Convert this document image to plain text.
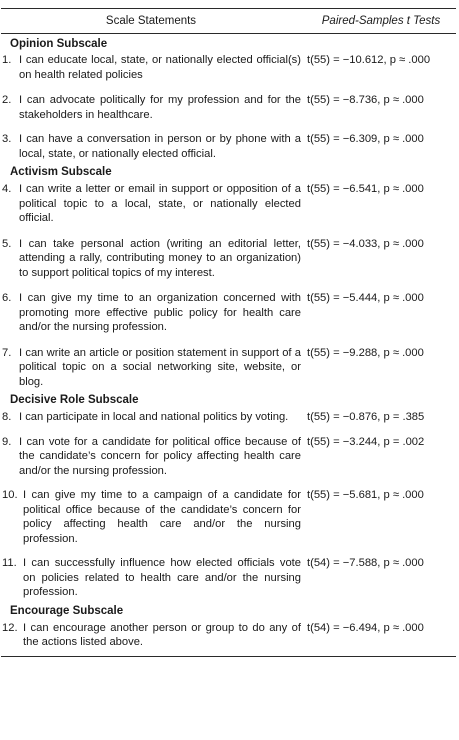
Scale Statements	Paired-Samples t Tests
Opinion Subscale
1. I can educate local, state, or nationally elected official(s) on health related policies
t(55) = −10.612, p ≈ .000
2. I can advocate politically for my profession and for the stakeholders in healthcare.
t(55) = −8.736, p ≈ .000
3. I can have a conversation in person or by phone with a local, state, or nationally elected official.
t(55) = −6.309, p ≈ .000
Activism Subscale
4. I can write a letter or email in support or opposition of a political topic to a local, state, or nationally elected official.
t(55) = −6.541, p ≈ .000
5. I can take personal action (writing an editorial letter, attending a rally, contributing money to an organization) to support political topics of my interest.
t(55) = −4.033, p ≈ .000
6. I can give my time to an organization concerned with promoting more effective public policy for health care and/or the nursing profession.
t(55) = −5.444, p ≈ .000
7. I can write an article or position statement in support of a political topic on a social networking site, website, or blog.
t(55) = −9.288, p ≈ .000
Decisive Role Subscale
8. I can participate in local and national politics by voting.	t(55) = −0.876, p = .385
9. I can vote for a candidate for political office because of the candidate’s concern for policy affecting health care and/or the nursing profession.
t(55) = −3.244, p = .002
10. I can give my time to a campaign of a candidate for political office because of the candidate’s concern for policy affecting health care and/or the nursing profession.
t(55) = −5.681, p ≈ .000
11. I can successfully influence how elected officials vote on policies related to health care and/or the nursing profession.
t(54) = −7.588, p ≈ .000
Encourage Subscale
12. I can encourage another person or group to do any of the actions listed above.
t(54) = −6.494, p ≈ .000
